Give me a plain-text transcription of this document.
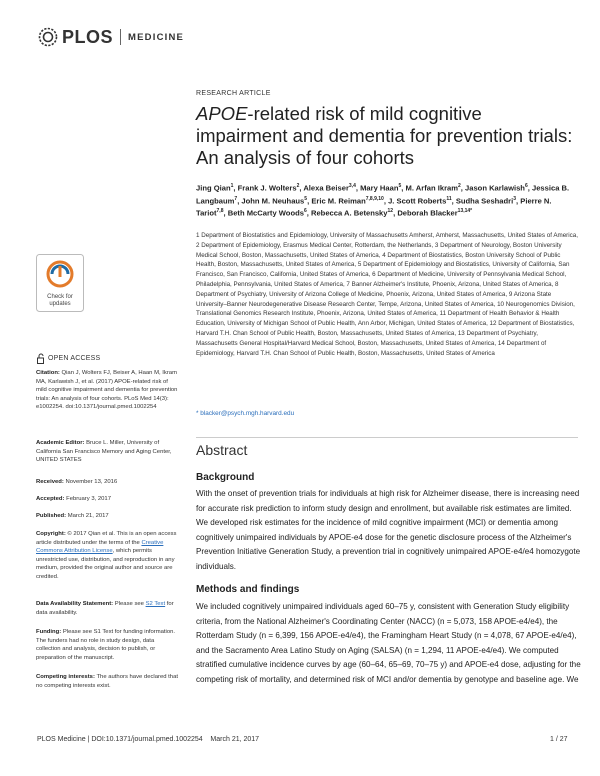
PLOS MEDICINE
RESEARCH ARTICLE
APOE-related risk of mild cognitive impairment and dementia for prevention trials: An analysis of four cohorts
Jing Qian$^1$, Frank J. Wolters$^2$, Alexa Beiser$^{3,4}$, Mary Haan$^5$, M. Arfan Ikram$^2$, Jason Karlawish$^6$, Jessica B. Langbaum$^7$, John M. Neuhaus$^5$, Eric M. Reiman$^{7,8,9,10}$, J. Scott Roberts$^{11}$, Sudha Seshadri$^3$, Pierre N. Tariot$^{7,8}$, Beth McCarty Woods$^6$, Rebecca A. Betensky$^{12}$, Deborah Blacker$^{13,14*}$
1 Department of Biostatistics and Epidemiology, University of Massachusetts Amherst, Amherst, Massachusetts, United States of America, 2 Department of Epidemiology, Erasmus Medical Center, Rotterdam, the Netherlands, 3 Department of Neurology, Boston University Medical School, Boston, Massachusetts, United States of America, 4 Department of Biostatistics, Boston University School of Public Health, Boston, Massachusetts, United States of America, 5 Department of Epidemiology and Biostatistics, University of California, San Francisco, San Francisco, California, United States of America, 6 Department of Medicine, University of Pennsylvania Medical School, Philadelphia, Pennsylvania, United States of America, 7 Banner Alzheimer's Institute, Phoenix, Arizona, United States of America, 8 Department of Psychiatry, University of Arizona College of Medicine, Phoenix, Arizona, United States of America, 9 Arizona State University–Banner Neurodegenerative Disease Research Center, Tempe, Arizona, United States of America, 10 Neurogenomics Division, Translational Genomics Research Institute, Phoenix, Arizona, United States of America, 11 Department of Health Behavior & Health Education, University of Michigan School of Public Health, Ann Arbor, Michigan, United States of America, 12 Department of Biostatistics, Harvard T.H. Chan School of Public Health, Boston, Massachusetts, United States of America, 13 Department of Psychiatry, Massachusetts General Hospital/Harvard Medical School, Boston, Massachusetts, United States of America, 14 Department of Epidemiology, Harvard T.H. Chan School of Public Health, Boston, Massachusetts, United States of America
* blacker@psych.mgh.harvard.edu
Check for
updates
OPEN ACCESS
Citation: Qian J, Wolters FJ, Beiser A, Haan M, Ikram MA, Karlawish J, et al. (2017) APOE-related risk of mild cognitive impairment and dementia for prevention trials: An analysis of four cohorts. PLoS Med 14(3): e1002254. doi:10.1371/journal.pmed.1002254
Academic Editor: Bruce L. Miller, University of California San Francisco Memory and Aging Center, UNITED STATES
Received: November 13, 2016
Accepted: February 3, 2017
Published: March 21, 2017
Copyright: © 2017 Qian et al. This is an open access article distributed under the terms of the Creative Commons Attribution License, which permits unrestricted use, distribution, and reproduction in any medium, provided the original author and source are credited.
Data Availability Statement: Please see S2 Text for data availability.
Funding: Please see S1 Text for funding information. The funders had no role in study design, data collection and analysis, decision to publish, or preparation of the manuscript.
Competing interests: The authors have declared that no competing interests exist.
Abstract
Background
With the onset of prevention trials for individuals at high risk for Alzheimer disease, there is increasing need for accurate risk prediction to inform study design and enrollment, but available risk estimates are limited. We developed risk estimates for the incidence of mild cognitive impairment (MCI) or dementia among cognitively unimpaired individuals by APOE-e4 dose for the genetic disclosure process of the Alzheimer's Prevention Initiative Generation Study, a prevention trial in cognitively unimpaired APOE-e4/e4 homozygote individuals.
Methods and findings
We included cognitively unimpaired individuals aged 60–75 y, consistent with Generation Study eligibility criteria, from the National Alzheimer's Coordinating Center (NACC) (n = 5,073, 158 APOE-e4/e4), the Rotterdam Study (n = 6,399, 156 APOE-e4/e4), the Framingham Heart Study (n = 4,078, 67 APOE-e4/e4), and the Sacramento Area Latino Study on Aging (SALSA) (n = 1,294, 11 APOE-e4/e4). We computed stratified cumulative incidence curves by age (60–64, 65–69, 70–75 y) and APOE-e4 dose, adjusting for the competing risk of mortality, and determined risk of MCI and/or dementia by genotype and baseline age. We
PLOS Medicine | DOI:10.1371/journal.pmed.1002254    March 21, 2017	1 / 27
